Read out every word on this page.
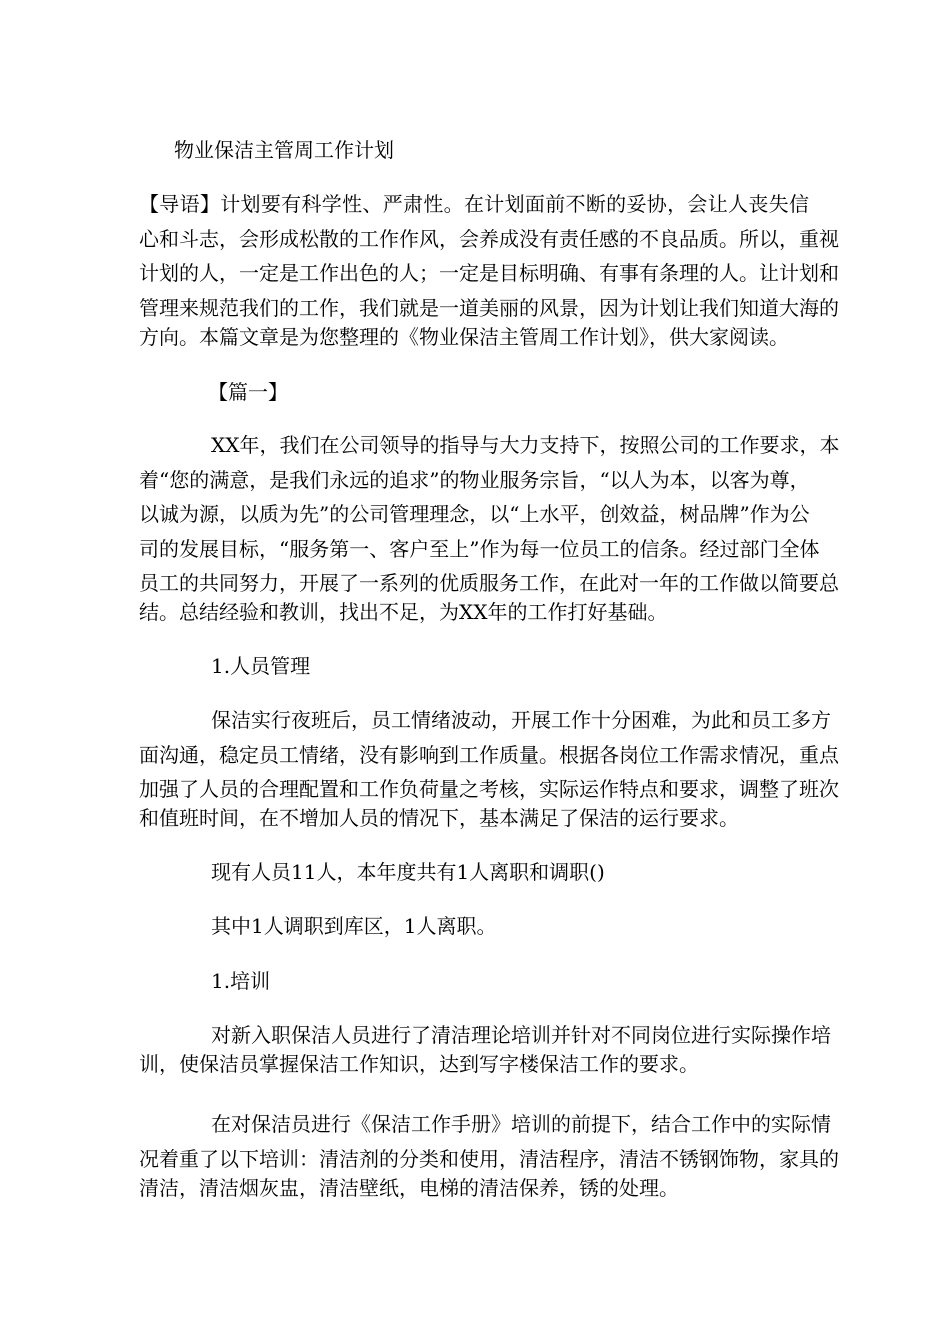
物业保洁主管周工作计划
【导语】计划要有科学性、严肃性。在计划面前不断的妥协，会让人丧失信
心和斗志，会形成松散的工作作风，会养成没有责任感的不良品质。所以，重视
计划的人，一定是工作出色的人；一定是目标明确、有事有条理的人。让计划和
管理来规范我们的工作，我们就是一道美丽的风景，因为计划让我们知道大海的
方向。本篇文章是为您整理的《物业保洁主管周工作计划》，供大家阅读。
【篇一】
XX年，我们在公司领导的指导与大力支持下，按照公司的工作要求，本
着“您的满意，是我们永远的追求”的物业服务宗旨，“以人为本，以客为尊，
以诚为源，以质为先”的公司管理理念，以“上水平，创效益，树品牌”作为公
司的发展目标，“服务第一、客户至上”作为每一位员工的信条。经过部门全体
员工的共同努力，开展了一系列的优质服务工作，在此对一年的工作做以简要总
结。总结经验和教训，找出不足，为XX年的工作打好基础。
1.人员管理
保洁实行夜班后，员工情绪波动，开展工作十分困难，为此和员工多方
面沟通，稳定员工情绪，没有影响到工作质量。根据各岗位工作需求情况，重点
加强了人员的合理配置和工作负荷量之考核，实际运作特点和要求，调整了班次
和值班时间，在不增加人员的情况下，基本满足了保洁的运行要求。
现有人员11人，本年度共有1人离职和调职()
其中1人调职到库区，1人离职。
1.培训
对新入职保洁人员进行了清洁理论培训并针对不同岗位进行实际操作培
训，使保洁员掌握保洁工作知识，达到写字楼保洁工作的要求。
在对保洁员进行《保洁工作手册》培训的前提下，结合工作中的实际情
况着重了以下培训：清洁剂的分类和使用，清洁程序，清洁不锈钢饰物，家具的
清洁，清洁烟灰盅，清洁壁纸，电梯的清洁保养，锈的处理。
